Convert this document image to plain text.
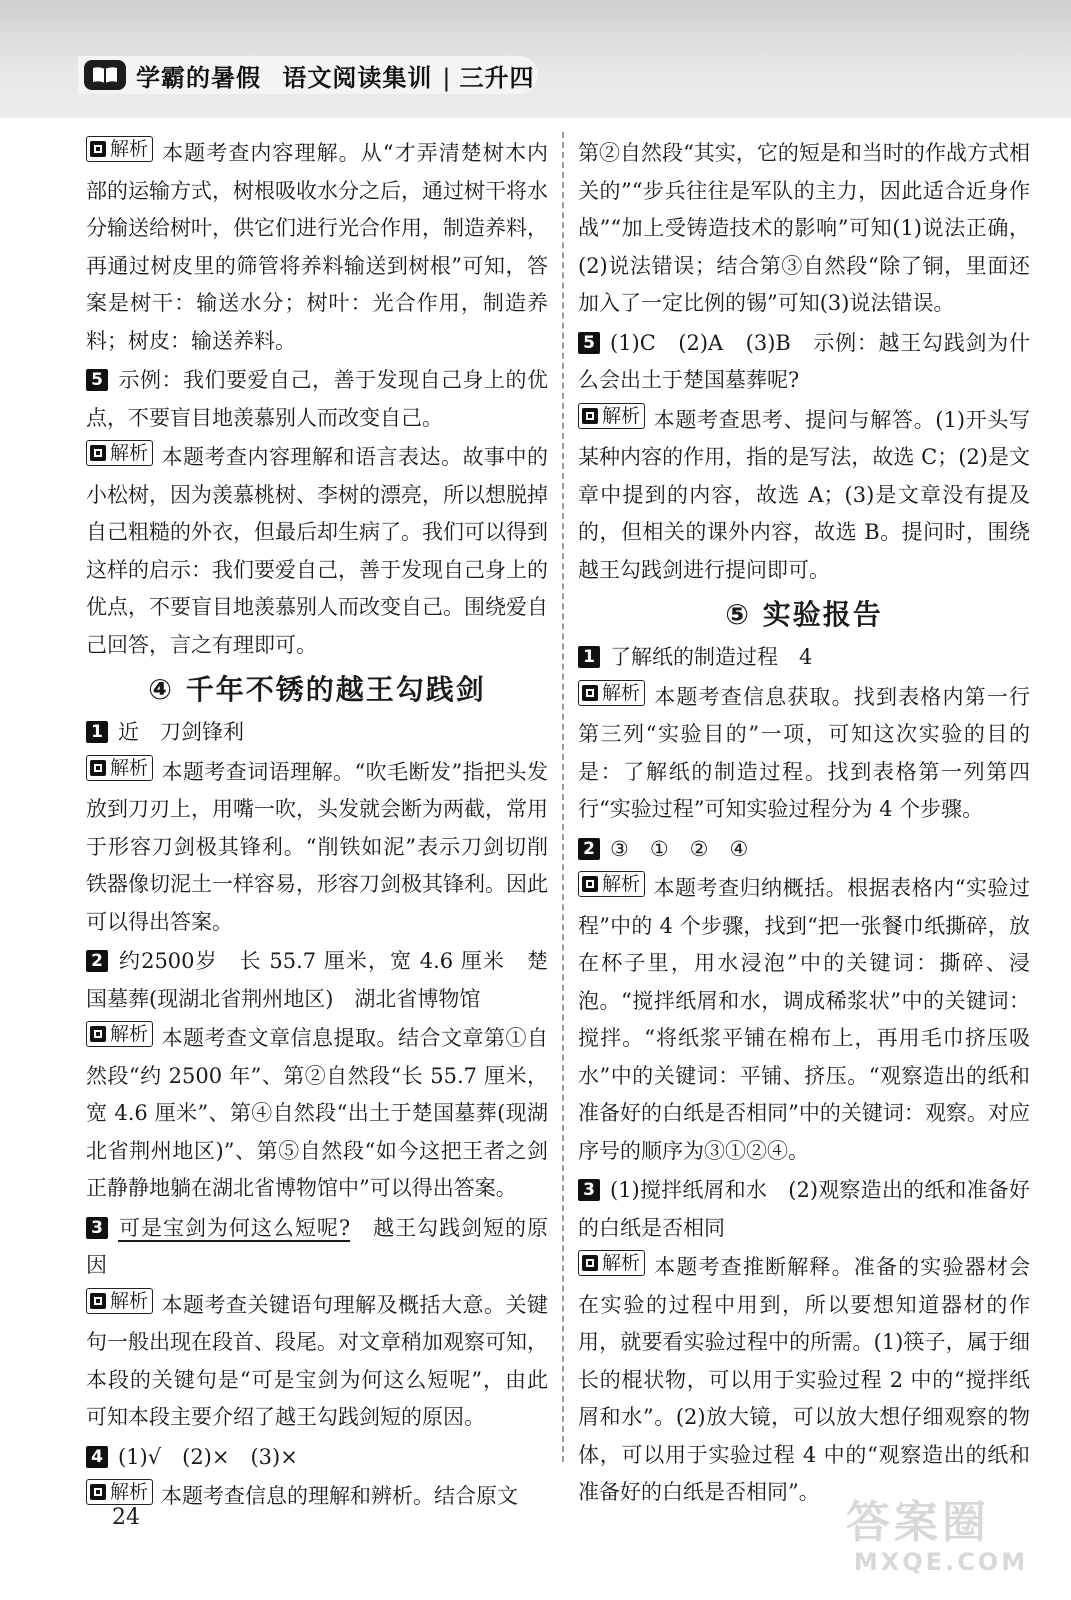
学霸的暑假 语文阅读集训 | 三升四

解析 本题考查内容理解。从“才弄清楚树木内部的运输方式，树根吸收水分之后，通过树干将水分输送给树叶，供它们进行光合作用，制造养料，再通过树皮里的筛管将养料输送到树根”可知，答案是树干：输送水分；树叶：光合作用，制造养料；树皮：输送养料。

5 示例：我们要爱自己，善于发现自己身上的优点，不要盲目地羡慕别人而改变自己。

解析 本题考查内容理解和语言表达。故事中的小松树，因为羡慕桃树、李树的漂亮，所以想脱掉自己粗糙的外衣，但最后却生病了。我们可以得到这样的启示：我们要爱自己，善于发现自己身上的优点，不要盲目地羡慕别人而改变自己。围绕爱自己回答，言之有理即可。

④ 千年不锈的越王勾践剑

1 近　刀剑锋利

解析 本题考查词语理解。“吹毛断发”指把头发放到刀刃上，用嘴一吹，头发就会断为两截，常用于形容刀剑极其锋利。“削铁如泥”表示刀剑切削铁器像切泥土一样容易，形容刀剑极其锋利。因此可以得出答案。

2 约2500岁　长 55.7 厘米，宽 4.6 厘米　楚国墓葬(现湖北省荆州地区)　湖北省博物馆

解析 本题考查文章信息提取。结合文章第①自然段“约 2500 年”、第②自然段“长 55.7 厘米，宽 4.6 厘米”、第④自然段“出土于楚国墓葬(现湖北省荆州地区)”、第⑤自然段“如今这把王者之剑正静静地躺在湖北省博物馆中”可以得出答案。

3 可是宝剑为何这么短呢?　 越王勾践剑短的原因

解析 本题考查关键语句理解及概括大意。关键句一般出现在段首、段尾。对文章稍加观察可知，本段的关键句是“可是宝剑为何这么短呢”，由此可知本段主要介绍了越王勾践剑短的原因。

4 (1)√　(2)×　(3)×

解析 本题考查信息的理解和辨析。结合原文

第②自然段“其实，它的短是和当时的作战方式相关的”“步兵往往是军队的主力，因此适合近身作战”“加上受铸造技术的影响”可知(1)说法正确，(2)说法错误；结合第③自然段“除了铜，里面还加入了一定比例的锡”可知(3)说法错误。

5 (1)C　(2)A　(3)B　示例：越王勾践剑为什么会出土于楚国墓葬呢?

解析 本题考查思考、提问与解答。(1)开头写某种内容的作用，指的是写法，故选 C；(2)是文章中提到的内容，故选 A；(3)是文章没有提及的，但相关的课外内容，故选 B。提问时，围绕越王勾践剑进行提问即可。

⑤ 实验报告

1 了解纸的制造过程　4

解析 本题考查信息获取。找到表格内第一行第三列“实验目的”一项，可知这次实验的目的是：了解纸的制造过程。找到表格第一列第四行“实验过程”可知实验过程分为 4 个步骤。

2 ③　①　②　④

解析 本题考查归纳概括。根据表格内“实验过程”中的 4 个步骤，找到“把一张餐巾纸撕碎，放在杯子里，用水浸泡”中的关键词：撕碎、浸泡。“搅拌纸屑和水，调成稀浆状”中的关键词：搅拌。“将纸浆平铺在棉布上，再用毛巾挤压吸水”中的关键词：平铺、挤压。“观察造出的纸和准备好的白纸是否相同”中的关键词：观察。对应序号的顺序为③①②④。

3 (1)搅拌纸屑和水　(2)观察造出的纸和准备好的白纸是否相同

解析 本题考查推断解释。准备的实验器材会在实验的过程中用到，所以要想知道器材的作用，就要看实验过程中的所需。(1)筷子，属于细长的棍状物，可以用于实验过程 2 中的“搅拌纸屑和水”。(2)放大镜，可以放大想仔细观察的物体，可以用于实验过程 4 中的“观察造出的纸和准备好的白纸是否相同”。

24	答案圈
MXQE.COM
